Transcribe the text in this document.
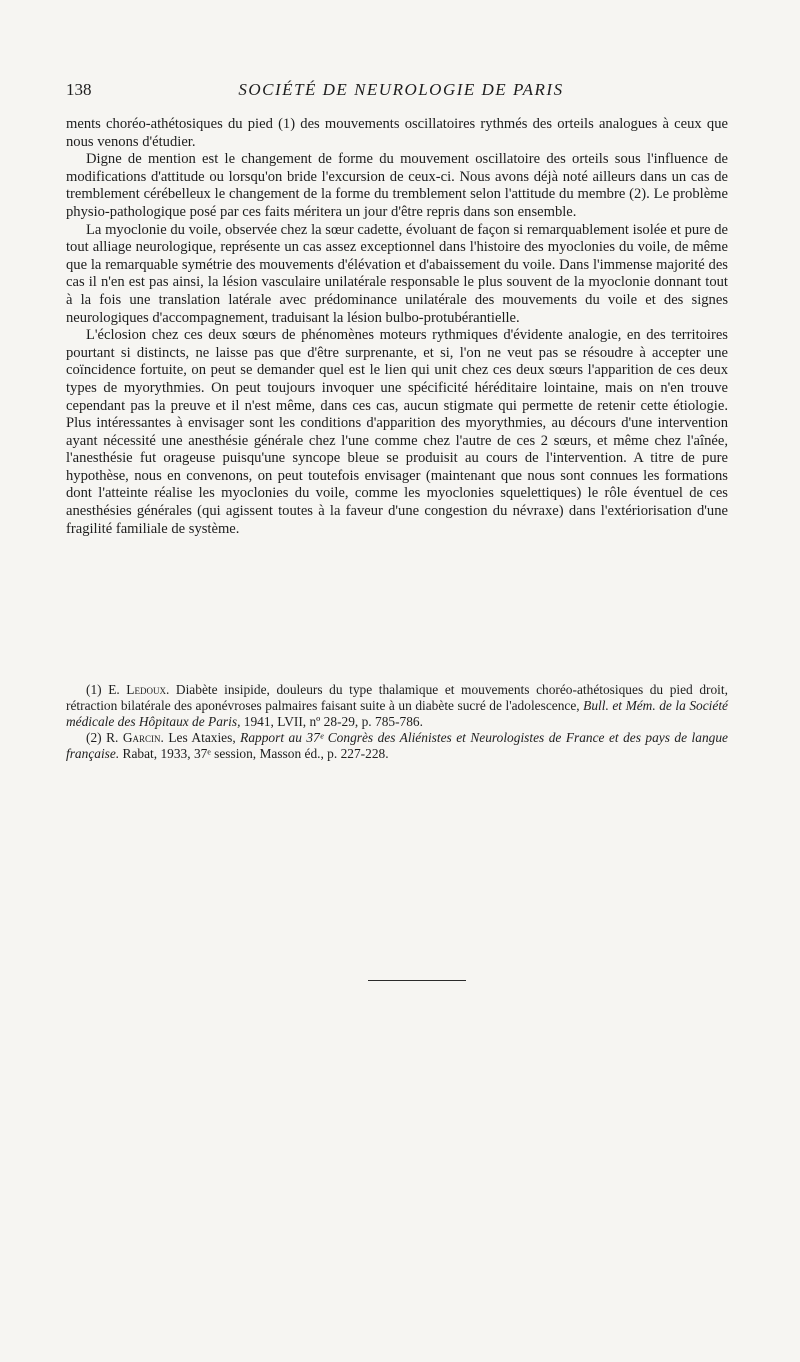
138	SOCIÉTÉ DE NEUROLOGIE DE PARIS

ments choréo-athétosiques du pied (1) des mouvements oscillatoires rythmés des orteils analogues à ceux que nous venons d'étudier.

Digne de mention est le changement de forme du mouvement oscillatoire des orteils sous l'influence de modifications d'attitude ou lorsqu'on bride l'excursion de ceux-ci. Nous avons déjà noté ailleurs dans un cas de tremblement cérébelleux le changement de la forme du tremblement selon l'attitude du membre (2). Le problème physio-pathologique posé par ces faits méritera un jour d'être repris dans son ensemble.

La myoclonie du voile, observée chez la sœur cadette, évoluant de façon si remarquablement isolée et pure de tout alliage neurologique, représente un cas assez exceptionnel dans l'histoire des myoclonies du voile, de même que la remarquable symétrie des mouvements d'élévation et d'abaissement du voile. Dans l'immense majorité des cas il n'en est pas ainsi, la lésion vasculaire unilatérale responsable le plus souvent de la myoclonie donnant tout à la fois une translation latérale avec prédominance unilatérale des mouvements du voile et des signes neurologiques d'accompagnement, traduisant la lésion bulbo-protubérantielle.

L'éclosion chez ces deux sœurs de phénomènes moteurs rythmiques d'évidente analogie, en des territoires pourtant si distincts, ne laisse pas que d'être surprenante, et si, l'on ne veut pas se résoudre à accepter une coïncidence fortuite, on peut se demander quel est le lien qui unit chez ces deux sœurs l'apparition de ces deux types de myorythmies. On peut toujours invoquer une spécificité héréditaire lointaine, mais on n'en trouve cependant pas la preuve et il n'est même, dans ces cas, aucun stigmate qui permette de retenir cette étiologie. Plus intéressantes à envisager sont les conditions d'apparition des myorythmies, au décours d'une intervention ayant nécessité une anesthésie générale chez l'une comme chez l'autre de ces 2 sœurs, et même chez l'aînée, l'anesthésie fut orageuse puisqu'une syncope bleue se produisit au cours de l'intervention. A titre de pure hypothèse, nous en convenons, on peut toutefois envisager (maintenant que nous sont connues les formations dont l'atteinte réalise les myoclonies du voile, comme les myoclonies squelettiques) le rôle éventuel de ces anesthésies générales (qui agissent toutes à la faveur d'une congestion du névraxe) dans l'extériorisation d'une fragilité familiale de système.

(1) E. Ledoux. Diabète insipide, douleurs du type thalamique et mouvements choréo-athétosiques du pied droit, rétraction bilatérale des aponévroses palmaires faisant suite à un diabète sucré de l'adolescence, Bull. et Mém. de la Société médicale des Hôpitaux de Paris, 1941, LVII, nº 28-29, p. 785-786.

(2) R. Garcin. Les Ataxies, Rapport au 37ᵉ Congrès des Aliénistes et Neurologistes de France et des pays de langue française. Rabat, 1933, 37ᵉ session, Masson éd., p. 227-228.
